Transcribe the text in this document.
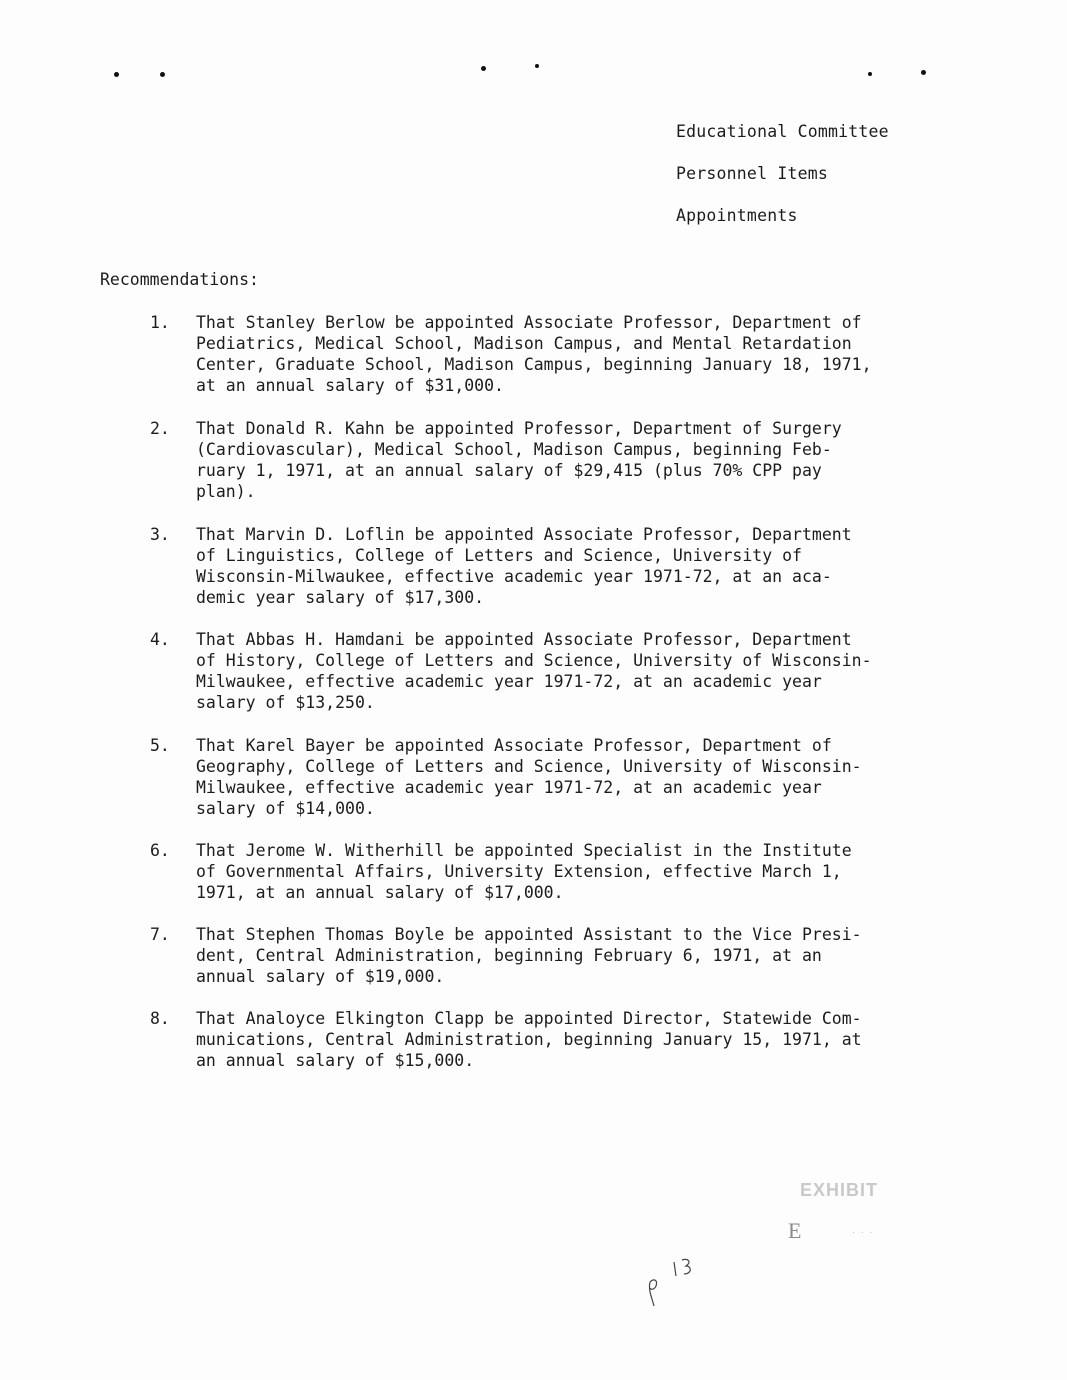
Educational Committee
Personnel Items
Appointments
Recommendations:
1.	That Stanley Berlow be appointed Associate Professor, Department of
Pediatrics, Medical School, Madison Campus, and Mental Retardation
Center, Graduate School, Madison Campus, beginning January 18, 1971,
at an annual salary of $31,000.
2.	That Donald R. Kahn be appointed Professor, Department of Surgery
(Cardiovascular), Medical School, Madison Campus, beginning Feb-
ruary 1, 1971, at an annual salary of $29,415 (plus 70% CPP pay
plan).
3.	That Marvin D. Loflin be appointed Associate Professor, Department
of Linguistics, College of Letters and Science, University of
Wisconsin-Milwaukee, effective academic year 1971-72, at an aca-
demic year salary of $17,300.
4.	That Abbas H. Hamdani be appointed Associate Professor, Department
of History, College of Letters and Science, University of Wisconsin-
Milwaukee, effective academic year 1971-72, at an academic year
salary of $13,250.
5.	That Karel Bayer be appointed Associate Professor, Department of
Geography, College of Letters and Science, University of Wisconsin-
Milwaukee, effective academic year 1971-72, at an academic year
salary of $14,000.
6.	That Jerome W. Witherhill be appointed Specialist in the Institute
of Governmental Affairs, University Extension, effective March 1,
1971, at an annual salary of $17,000.
7.	That Stephen Thomas Boyle be appointed Assistant to the Vice Presi-
dent, Central Administration, beginning February 6, 1971, at an
annual salary of $19,000.
8.	That Analoyce Elkington Clapp be appointed Director, Statewide Com-
munications, Central Administration, beginning January 15, 1971, at
an annual salary of $15,000.
EXHIBIT
E	· · ·
